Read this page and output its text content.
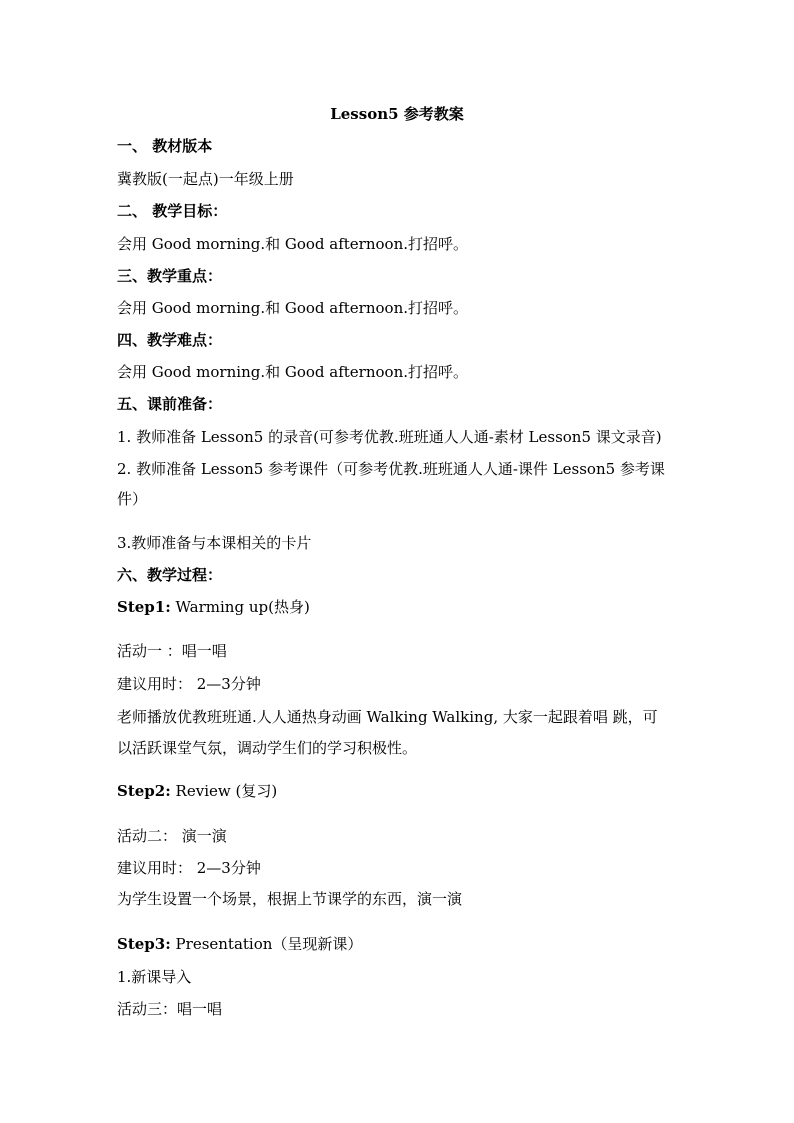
Lesson5 参考教案
一、 教材版本
冀教版(一起点)一年级上册
二、 教学目标：
会用 Good morning.和 Good afternoon.打招呼。
三、教学重点：
会用 Good morning.和 Good afternoon.打招呼。
四、教学难点：
会用 Good morning.和 Good afternoon.打招呼。
五、课前准备：
1. 教师准备 Lesson5 的录音(可参考优教.班班通人人通-素材 Lesson5 课文录音)
2. 教师准备 Lesson5 参考课件（可参考优教.班班通人人通-课件 Lesson5 参考课
件）
3.教师准备与本课相关的卡片
六、教学过程：
Step1: Warming up(热身)
活动一 ：唱一唱
建议用时： 2—3分钟
老师播放优教班班通.人人通热身动画 Walking Walking, 大家一起跟着唱 跳，可
以活跃课堂气氛，调动学生们的学习积极性。
Step2: Review (复习)
活动二： 演一演
建议用时： 2—3分钟
为学生设置一个场景，根据上节课学的东西，演一演
Step3: Presentation（呈现新课）
1.新课导入
活动三：唱一唱
